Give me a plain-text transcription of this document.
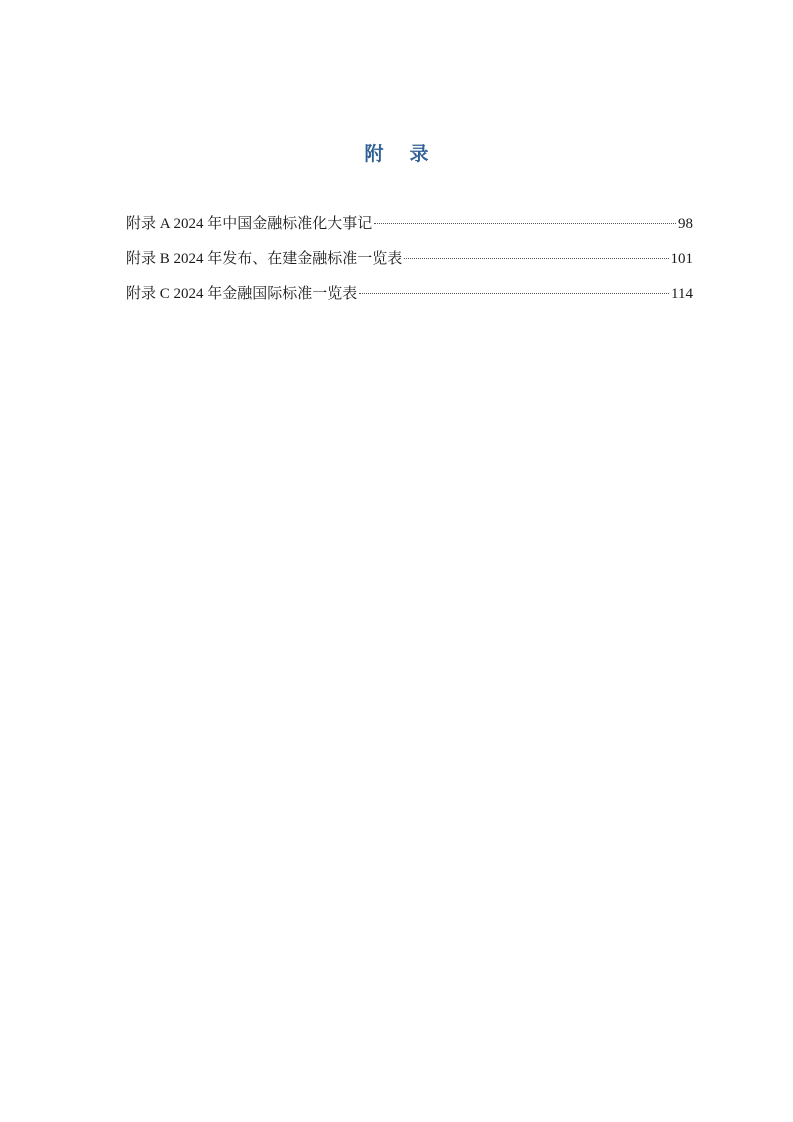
附 录
附录 A 2024 年中国金融标准化大事记	98
附录 B 2024 年发布、在建金融标准一览表	101
附录 C 2024 年金融国际标准一览表	114
